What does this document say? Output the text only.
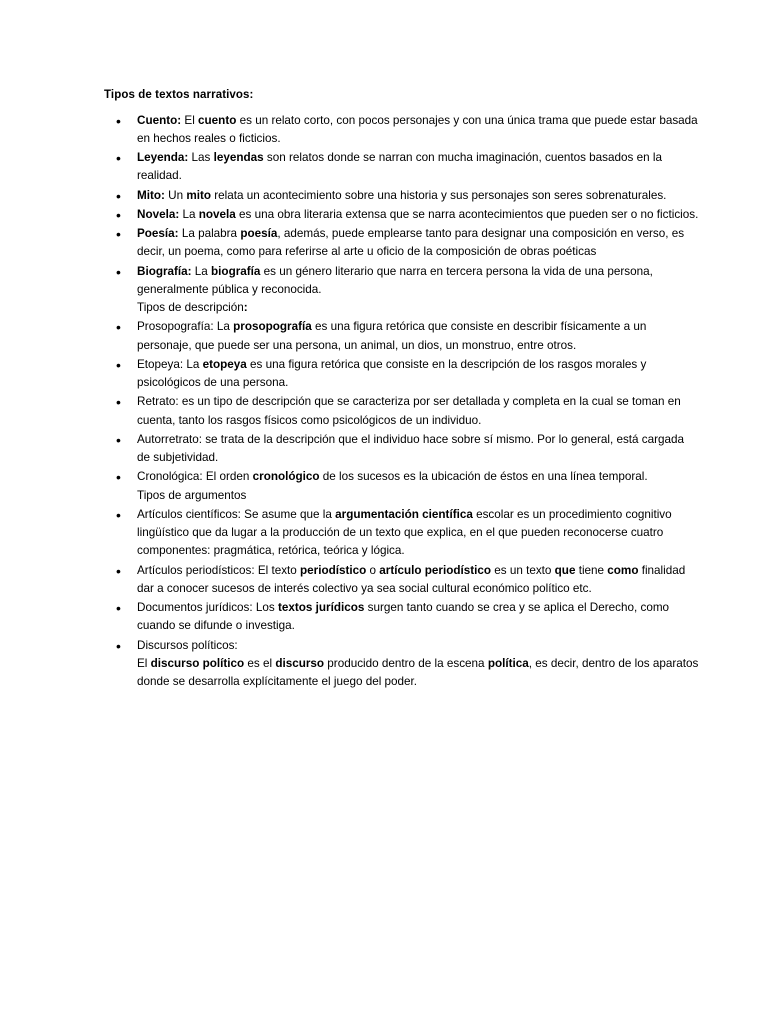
Tipos de textos narrativos:
• Cuento: El cuento es un relato corto, con pocos personajes y con una única trama que puede estar basada en hechos reales o ficticios.
• Leyenda: Las leyendas son relatos donde se narran con mucha imaginación, cuentos basados en la realidad.
• Mito: Un mito relata un acontecimiento sobre una historia y sus personajes son seres sobrenaturales.
• Novela: La novela es una obra literaria extensa que se narra acontecimientos que pueden ser o no ficticios.
• Poesía: La palabra poesía, además, puede emplearse tanto para designar una composición en verso, es decir, un poema, como para referirse al arte u oficio de la composición de obras poéticas
• Biografía: La biografía es un género literario que narra en tercera persona la vida de una persona, generalmente pública y reconocida.
Tipos de descripción:
• Prosopografía: La prosopografía es una figura retórica que consiste en describir físicamente a un personaje, que puede ser una persona, un animal, un dios, un monstruo, entre otros.
• Etopeya: La etopeya es una figura retórica que consiste en la descripción de los rasgos morales y psicológicos de una persona.
• Retrato: es un tipo de descripción que se caracteriza por ser detallada y completa en la cual se toman en cuenta, tanto los rasgos físicos como psicológicos de un individuo.
• Autorretrato: se trata de la descripción que el individuo hace sobre sí mismo. Por lo general, está cargada de subjetividad.
• Cronológica: El orden cronológico de los sucesos es la ubicación de éstos en una línea temporal.
Tipos de argumentos
• Artículos científicos: Se asume que la argumentación científica escolar es un procedimiento cognitivo lingüístico que da lugar a la producción de un texto que explica, en el que pueden reconocerse cuatro componentes: pragmática, retórica, teórica y lógica.
• Artículos periodísticos: El texto periodístico o artículo periodístico es un texto que tiene como finalidad dar a conocer sucesos de interés colectivo ya sea social cultural económico político etc.
• Documentos jurídicos: Los textos jurídicos surgen tanto cuando se crea y se aplica el Derecho, como cuando se difunde o investiga.
• Discursos políticos:
El discurso político es el discurso producido dentro de la escena política, es decir, dentro de los aparatos donde se desarrolla explícitamente el juego del poder.
